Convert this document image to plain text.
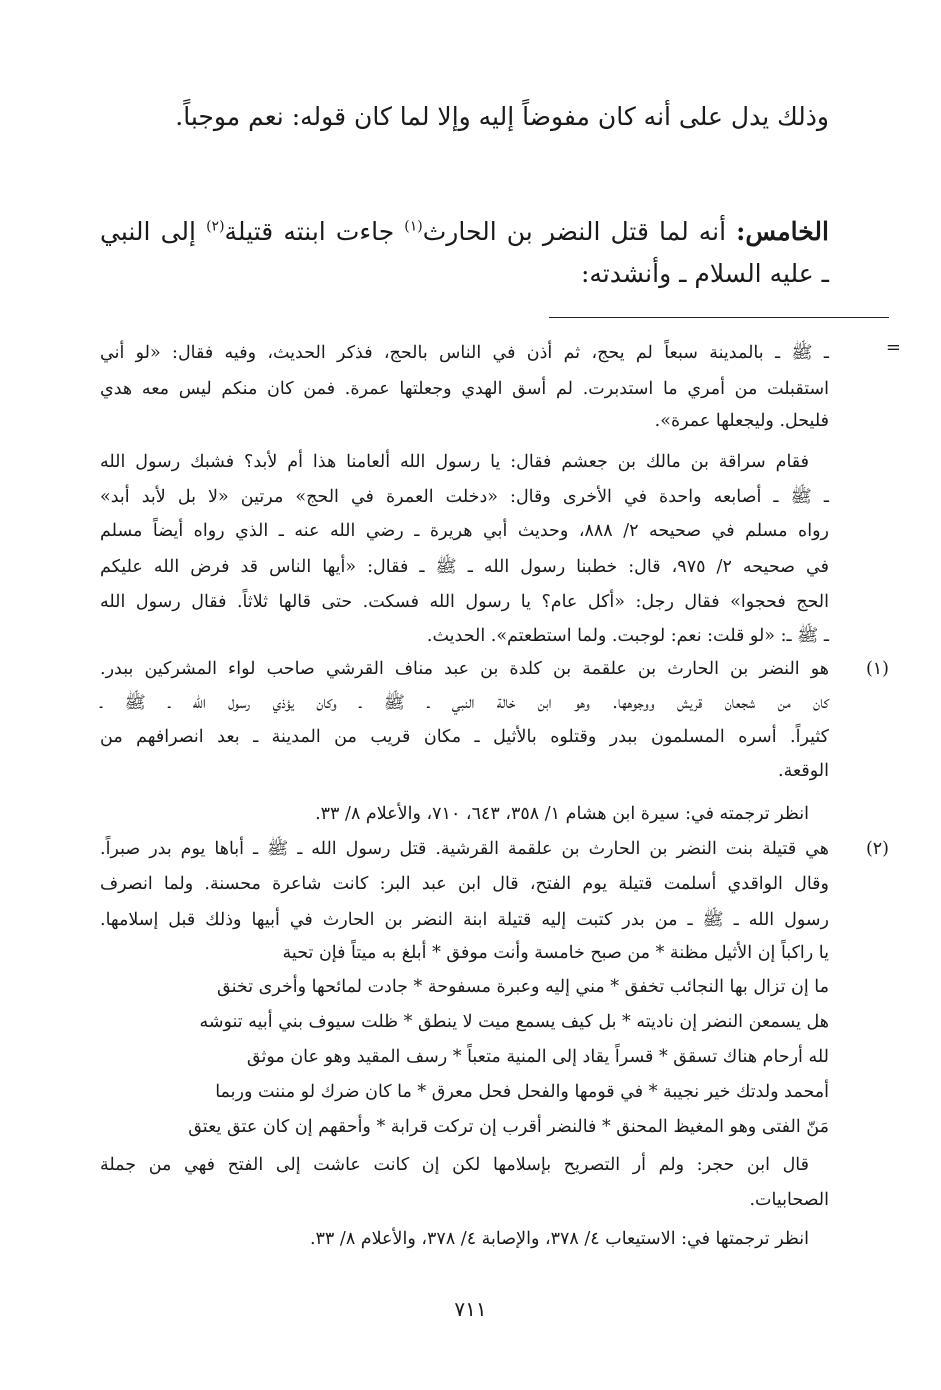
وذلك يدل على أنه كان مفوضاً إليه وإلا لما كان قوله: نعم موجباً.
الخامس: أنه لما قتل النضر بن الحارث$^{(١)}$ جاءت ابنته قتيلة$^{(٢)}$ إلى النبي
ـ عليه السلام ـ وأنشدته:
=
ـ ﷺ ـ بالمدينة سبعاً لم يحج، ثم أذن في الناس بالحج، فذكر الحديث، وفيه فقال: «لو أني
استقبلت من أمري ما استدبرت. لم أسق الهدي وجعلتها عمرة. فمن كان منكم ليس معه هدي
فليحل. وليجعلها عمرة».
فقام سراقة بن مالك بن جعشم فقال: يا رسول الله ألعامنا هذا أم لأبد؟ فشبك رسول الله
ـ ﷺ ـ أصابعه واحدة في الأخرى وقال: «دخلت العمرة في الحج» مرتين «لا بل لأبد أبد»
رواه مسلم في صحيحه ٢/ ٨٨٨، وحديث أبي هريرة ـ رضي الله عنه ـ الذي رواه أيضاً مسلم
في صحيحه ٢/ ٩٧٥، قال: خطبنا رسول الله ـ ﷺ ـ فقال: «أيها الناس قد فرض الله عليكم
الحج فحجوا» فقال رجل: «أكل عام؟ يا رسول الله فسكت. حتى قالها ثلاثاً. فقال رسول الله
ـ ﷺ ـ: «لو قلت: نعم: لوجبت. ولما استطعتم». الحديث.
(١)
هو النضر بن الحارث بن علقمة بن كلدة بن عبد مناف القرشي صاحب لواء المشركين ببدر.
كان من شجعان قريش ووجوهها. وهو ابن خالة النبي ـ ﷺ ـ وكان يؤذي رسول الله ـ ﷺ ـ
كثيراً. أسره المسلمون ببدر وقتلوه بالأثيل ـ مكان قريب من المدينة ـ بعد انصرافهم من
الوقعة.
انظر ترجمته في: سيرة ابن هشام ١/ ٣٥٨، ٦٤٣، ٧١٠، والأعلام ٨/ ٣٣.
(٢)
هي قتيلة بنت النضر بن الحارث بن علقمة القرشية. قتل رسول الله ـ ﷺ ـ أباها يوم بدر صبراً.
وقال الواقدي أسلمت قتيلة يوم الفتح، قال ابن عبد البر: كانت شاعرة محسنة. ولما انصرف
رسول الله ـ ﷺ ـ من بدر كتبت إليه قتيلة ابنة النضر بن الحارث في أبيها وذلك قبل إسلامها.
يا راكباً إن الأثيل مظنة * من صبح خامسة وأنت موفق * أبلغ به ميتاً فإن تحية
ما إن تزال بها النجائب تخفق * مني إليه وعبرة مسفوحة * جادت لمائحها وأخرى تخنق
هل يسمعن النضر إن ناديته * بل كيف يسمع ميت لا ينطق * ظلت سيوف بني أبيه تنوشه
لله أرحام هناك تسقق * قسراً يقاد إلى المنية متعباً * رسف المقيد وهو عان موثق
أمحمد ولدتك خير نجيبة * في قومها والفحل فحل معرق * ما كان ضرك لو مننت وربما
مَنّ الفتى وهو المغيظ المحنق * فالنضر أقرب إن تركت قرابة * وأحقهم إن كان عتق يعتق
قال ابن حجر: ولم أر التصريح بإسلامها لكن إن كانت عاشت إلى الفتح فهي من جملة
الصحابيات.
انظر ترجمتها في: الاستيعاب ٤/ ٣٧٨، والإصابة ٤/ ٣٧٨، والأعلام ٨/ ٣٣.
٧١١
